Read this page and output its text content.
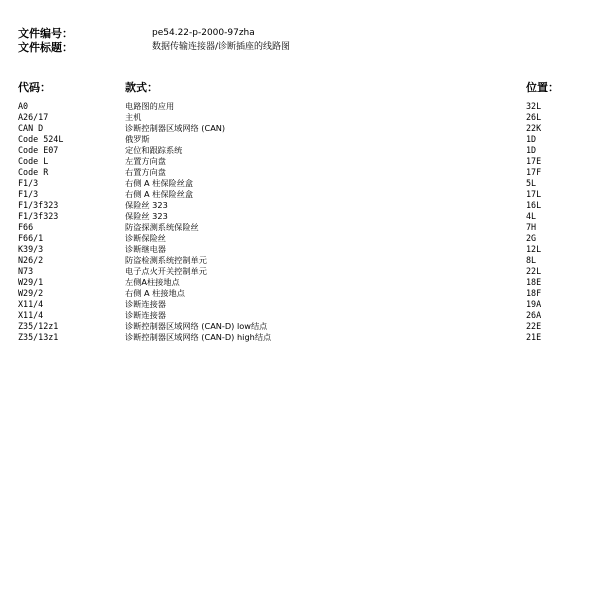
文件编号：	pe54.22-p-2000-97zha
文件标题：	数据传输连接器/诊断插座的线路图
代码：	款式：	位置：
A0	电路图的应用	32L
A26/17	主机	26L
CAN D	诊断控制器区域网络 (CAN)	22K
Code 524L	俄罗斯	1D
Code E07	定位和跟踪系统	1D
Code L	左置方向盘	17E
Code R	右置方向盘	17F
F1/3	右侧 A 柱保险丝盒	5L
F1/3	右侧 A 柱保险丝盒	17L
F1/3f323	保险丝 323	16L
F1/3f323	保险丝 323	4L
F66	防盗探测系统保险丝	7H
F66/1	诊断保险丝	2G
K39/3	诊断继电器	12L
N26/2	防盗检测系统控制单元	8L
N73	电子点火开关控制单元	22L
W29/1	左侧A柱接地点	18E
W29/2	右侧 A 柱接地点	18F
X11/4	诊断连接器	19A
X11/4	诊断连接器	26A
Z35/12z1	诊断控制器区域网络 (CAN-D) low结点	22E
Z35/13z1	诊断控制器区域网络 (CAN-D) high结点	21E
